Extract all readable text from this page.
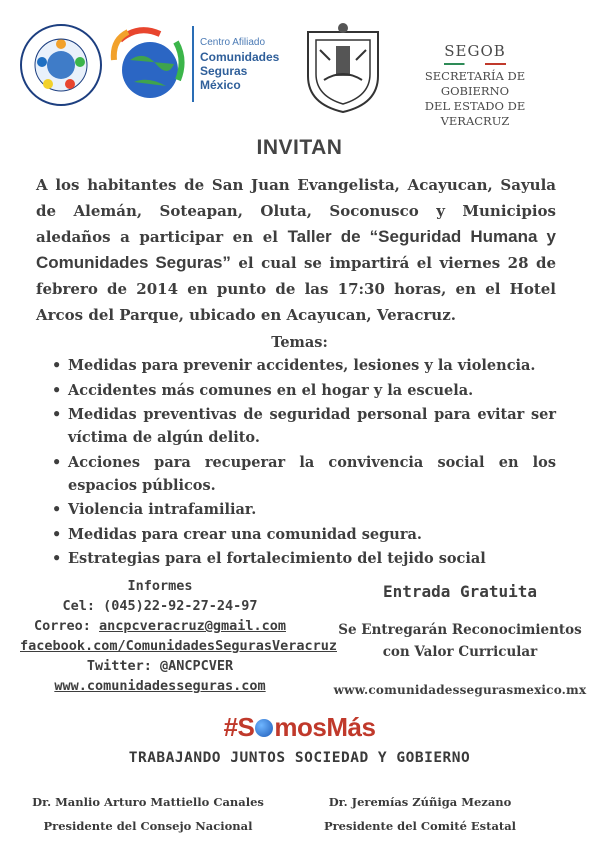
Centro Afiliado
Comunidades
Seguras
México
SEGOB
SECRETARÍA DE GOBIERNO
DEL ESTADO DE VERACRUZ
INVITAN
A los habitantes de San Juan Evangelista, Acayucan, Sayula de Alemán, Soteapan, Oluta, Soconusco y Municipios aledaños a participar en el Taller de “Seguridad Humana y Comunidades Seguras” el cual se impartirá el viernes 28 de febrero de 2014 en punto de las 17:30 horas, en el Hotel Arcos del Parque, ubicado en Acayucan, Veracruz.
Temas:
• Medidas para prevenir accidentes, lesiones y la violencia.
• Accidentes más comunes en el hogar y la escuela.
• Medidas preventivas de seguridad personal para evitar ser víctima de algún delito.
• Acciones para recuperar la convivencia social en los espacios públicos.
• Violencia intrafamiliar.
• Medidas para crear una comunidad segura.
• Estrategias para el fortalecimiento del tejido social
Informes
Cel: (045)22-92-27-24-97
Correo: ancpcveracruz@gmail.com
facebook.com/ComunidadesSegurasVeracruz
Twitter: @ANCPCVER
www.comunidadesseguras.com
Entrada Gratuita
Se Entregarán Reconocimientos
con Valor Curricular
www.comunidadessegurasmexico.mx
#S mosMás
TRABAJANDO JUNTOS SOCIEDAD Y GOBIERNO
Dr. Manlio Arturo Mattiello Canales
Presidente del Consejo Nacional
Dr. Jeremías Zúñiga Mezano
Presidente del Comité Estatal
